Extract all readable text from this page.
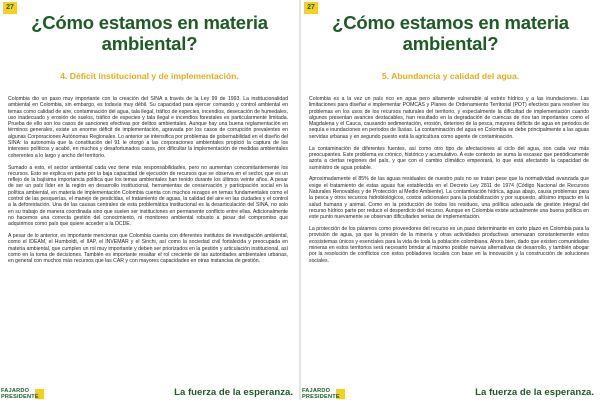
27
¿Cómo estamos en materia
ambiental?
4. Déficit institucional y de implementación.

Colombia dio un paso muy importante con la creación del SINA a través de la Ley 99 de 1993. La institucionalidad ambiental en Colombia, sin embargo, es todavía muy débil. Su capacidad para ejercer comando y control ambiental en temas como calidad de aire, contaminación del agua, tala ilegal, tráfico de especies, incendios, desecación de humedales, uso inadecuado y erosión de suelos, tráfico de especies y tala ilegal e incendios forestales es particularmente limitada. Prueba de ello son los casos de sanciones efectivas por delitos ambientales. Aunque hay una buena reglamentación en términos generales, existe un enorme déficit de implementación, agravada por los casos de corrupción prevalentes en algunas Corporaciones Autónomas Regionales. Lo anterior se intensifica por problemas de gobernabilidad en el diseño del SINA: la autonomía que la constitución del 91 le otorgó a las corporaciones ambientales propició la captura de los intereses políticos y acabó, en muchos y desafortunados casos, por dificultar la implementación de medidas ambientales coherentes a lo largo y ancho del territorio.

Sumado a esto, el sector ambiental cada vez tiene más responsabilidades, pero no aumentan concomitantemente los recursos. Esto se explica en parte por la baja capacidad de ejecución de recursos que se observa en el sector, que es un reflejo de la bajísima importancia política que los temas ambientales han tenido durante los últimos veinte años. A pesar de ser un país líder en la región en desarrollo institucional, herramientas de conservación y participación social en la política ambiental, en materia de implementación Colombia cuenta con muchos rezagos en temas fundamentales como el control de las pesquerías, el manejo de pesticidas, el tratamiento de aguas, la calidad del aire en las ciudades y el control a la deforestación. Una de las causas centrales de esta problemática institucional es la desarticulación del SINA, no solo en su trabajo de manera coordinada sino que suelen ser instituciones en permanente conflicto entre ellas. Adicionalmente no hacemos una correcta gestión del conocimiento, ni monitoreo ambiental robusto a pesar del compromiso que adquirimos como país que quiere acceder a la OCDE.

A pesar de lo anterior, es importante mencionar que Colombia cuenta con diferentes institutos de investigación ambiental, como el IDEAM, el Humboldt, el IIAP, el INVEMAR y el Sinchi, así como la sociedad civil fortalecida y preocupada en materia ambiental, que cumplen un rol muy importante y deben ser priorizados en la gestión y articulación institucional, así como en la toma de decisiones. También es importante resaltar el rol creciente de las autoridades ambientales urbanas, en general con muchos más recursos que las CAR y con mayores capacidades en otras instancias de gestión.

FAJARDO
PRESIDENTE	La fuerza de la esperanza.
27
¿Cómo estamos en materia
ambiental?
5. Abundancia y calidad del agua.

Colombia es a la vez un país rico en agua pero altamente vulnerable al estrés hídrico y a las inundaciones. Las limitaciones para diseñar e implementar POMCAS y Planes de Ordenamiento Territorial (POT) efectivos para resolver los problemas en los usos de los recursos naturales del territorio, y especialmente la dificultad de implementación cuando algunos presentan avances destacables, han resultado en la degradación de cuencas de ríos tan importantes como el Magdalena y el Cauca, causando sedimentación, erosión, deterioro de la pesca, mayores déficits de agua en periodos de sequía e inundaciones en periodos de lluvias. La contaminación del agua en Colombia se debe principalmente a las aguas servidas urbanas y en segundo puesto está la agricultura como agente de contaminación.

La contaminación de diferentes fuentes, así como otro tipo de afectaciones al ciclo del agua, son cada vez más preocupantes. Este problema es crónico, histórico y acumulativo. A este contexto se suma la escasez que periódicamente azota a ciertas regiones del país, y que con el cambio climático empeorará, lo que está afectando la capacidad de suministro de agua potable.

Aproximadamente el 85% de las aguas residuales de nuestro país no se tratan pese que la normatividad avanzada que exige el tratamiento de estas aguas fue establecida en el Decreto Ley 2811 de 1974 (Código Nacional de Recursos Naturales Renovables y de Protección al Medio Ambiente). La contaminación hídrica, aguas abajo, causa problemas para la pesca y otros recursos hidrobiológicos, costos adicionales para la potabilización y por supuesto, altísimo impacto en la salud humana y animal. Como en la producción de todos los residuos, una política adecuada de gestión integral del recurso hídrico parte por reducir el desperdicio del recurso. Aunque en Colombia existe actualmente una buena política en este punto nuevamente se observan dificultades serias de implementación.

La protección de los páramos como proveedores del recurso es un paso determinante en corto plazo en Colombia para la provisión de agua, ya que la presión de la minería y otras actividades productivas amenazan constantemente estos ecosistemas únicos y esenciales para la vida de toda la población colombiana. Ahora bien, dado que existen comunidades mineras en estos territorios será necesario brindar al máximo posible nuevas alternativas de desarrollo, y también abogar por la resolución de conflictos con estos pobladores locales con base en la innovación y la construcción de soluciones sociales.

FAJARDO
PRESIDENTE	La fuerza de la esperanza.
